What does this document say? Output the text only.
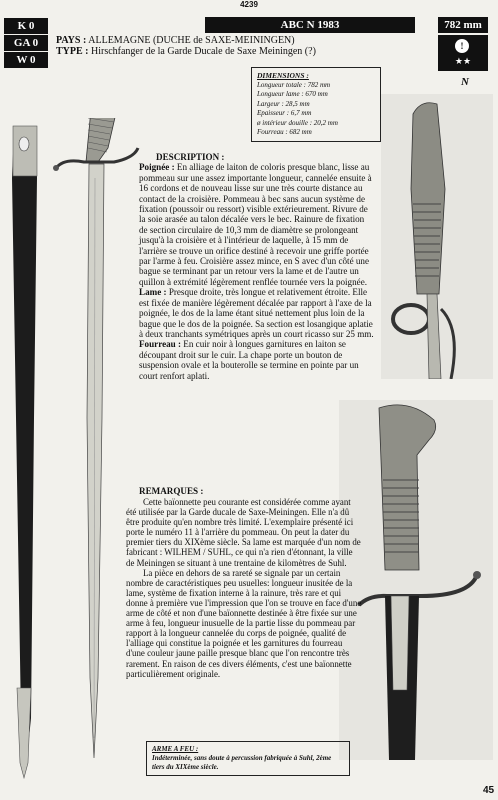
4239
K 0
GA 0
W 0
ABC N 1983	782 mm
!
★★
N
PAYS : ALLEMAGNE (DUCHE de SAXE-MEININGEN)
TYPE : Hirschfanger de la Garde Ducale de Saxe Meiningen (?)
DIMENSIONS :
Longueur totale : 782 mm
Longueur lame : 670 mm
Largeur : 28,5 mm
Epaisseur : 6,7 mm
ø intérieur douille : 20,2 mm
Fourreau : 682 mm
DESCRIPTION :

Poignée : En alliage de laiton de coloris presque blanc, lisse au pommeau sur une assez importante longueur, cannelée ensuite à 16 cordons et de nouveau lisse sur une très courte distance au contact de la croisière. Pommeau à bec sans aucun système de fixation (poussoir ou ressort) visible extérieurement. Rivure de la soie arasée au talon décalée vers le bec. Rainure de fixation de section circulaire de 10,3 mm de diamètre se prolongeant jusqu'à la croisière et à l'intérieur de laquelle, à 15 mm de l'arrière se trouve un orifice destiné à recevoir une griffe portée par l'arme à feu. Croisière assez mince, en S avec d'un côté une bague se terminant par un retour vers la lame et de l'autre un quillon à extrémité légèrement renflée tournée vers la poignée.

Lame : Presque droite, très longue et relativement étroite. Elle est fixée de manière légèrement décalée par rapport à l'axe de la poignée, le dos de la lame étant situé nettement plus loin de la bague que le dos de la poignée. Sa section est losangique aplatie à deux tranchants symétriques après un court ricasso sur 25 mm.

Fourreau : En cuir noir à longues garnitures en laiton se découpant droit sur le cuir. La chape porte un bouton de suspension ovale et la bouterolle se termine en pointe par un court renfort aplati.

REMARQUES :

Cette baïonnette peu courante est considérée comme ayant été utilisée par la Garde ducale de Saxe-Meiningen. Elle n'a dû être produite qu'en nombre très limité. L'exemplaire présenté ici porte le numéro 11 à l'arrière du pommeau. On peut la dater du premier tiers du XIXème siècle. Sa lame est marquée d'un nom de fabricant : WILHEM / SUHL, ce qui n'a rien d'étonnant, la ville de Meiningen se situant à une trentaine de kilomètres de Suhl.

La pièce en dehors de sa rareté se signale par un certain nombre de caractéristiques peu usuelles: longueur inusitée de la lame, système de fixation interne à la rainure, très rare et qui donne à première vue l'impression que l'on se trouve en face d'une arme de côté et non d'une baïonnette destinée à être fixée sur une arme à feu, longueur inusuelle de la partie lisse du pommeau par rapport à la longueur cannelée du corps de poignée, qualité de l'alliage qui constitue la poignée et les garnitures du fourreau d'une couleur jaune paille presque blanc que l'on rencontre très rarement. En raison de ces divers éléments, c'est une baïonnette particulièrement originale.

ARME A FEU :
Indéterminée, sans doute à percussion fabriquée à Suhl, 2ème tiers du XIXème siècle.
45
